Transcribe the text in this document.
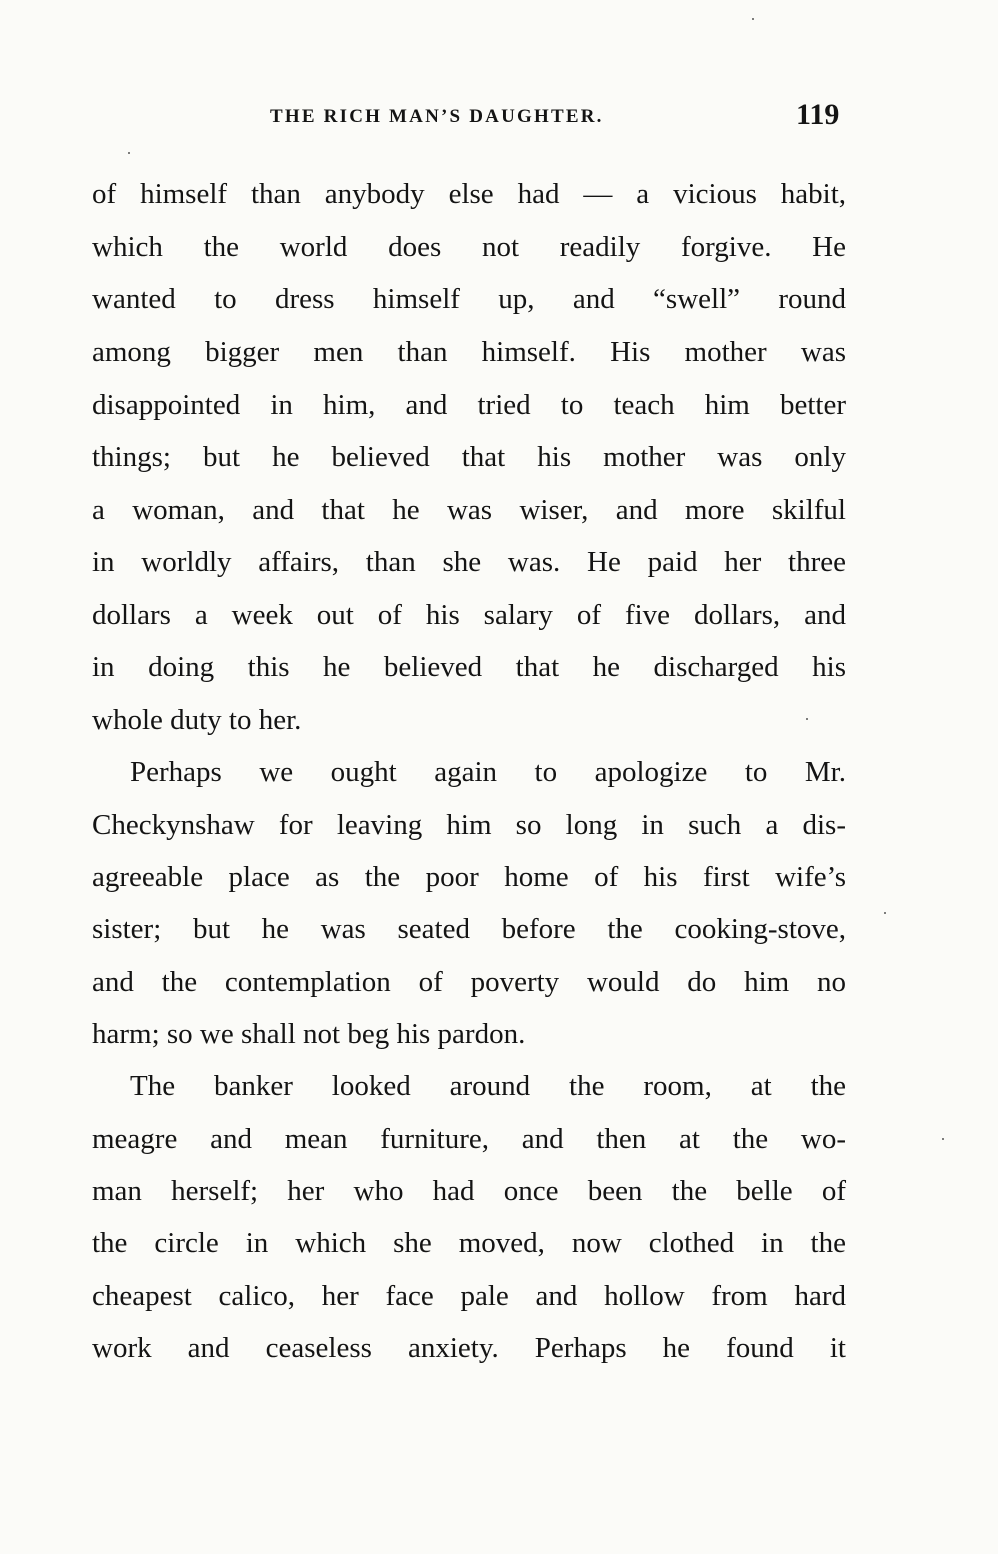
THE RICH MAN’S DAUGHTER.	119
of himself than anybody else had — a vicious habit,
which the world does not readily forgive. He
wanted to dress himself up, and “swell” round
among bigger men than himself. His mother was
disappointed in him, and tried to teach him better
things; but he believed that his mother was only
a woman, and that he was wiser, and more skilful
in worldly affairs, than she was. He paid her three
dollars a week out of his salary of five dollars, and
in doing this he believed that he discharged his
whole duty to her.
Perhaps we ought again to apologize to Mr.
Checkynshaw for leaving him so long in such a dis-
agreeable place as the poor home of his first wife’s
sister; but he was seated before the cooking-stove,
and the contemplation of poverty would do him no
harm; so we shall not beg his pardon.
The banker looked around the room, at the
meagre and mean furniture, and then at the wo-
man herself; her who had once been the belle of
the circle in which she moved, now clothed in the
cheapest calico, her face pale and hollow from hard
work and ceaseless anxiety. Perhaps he found it
